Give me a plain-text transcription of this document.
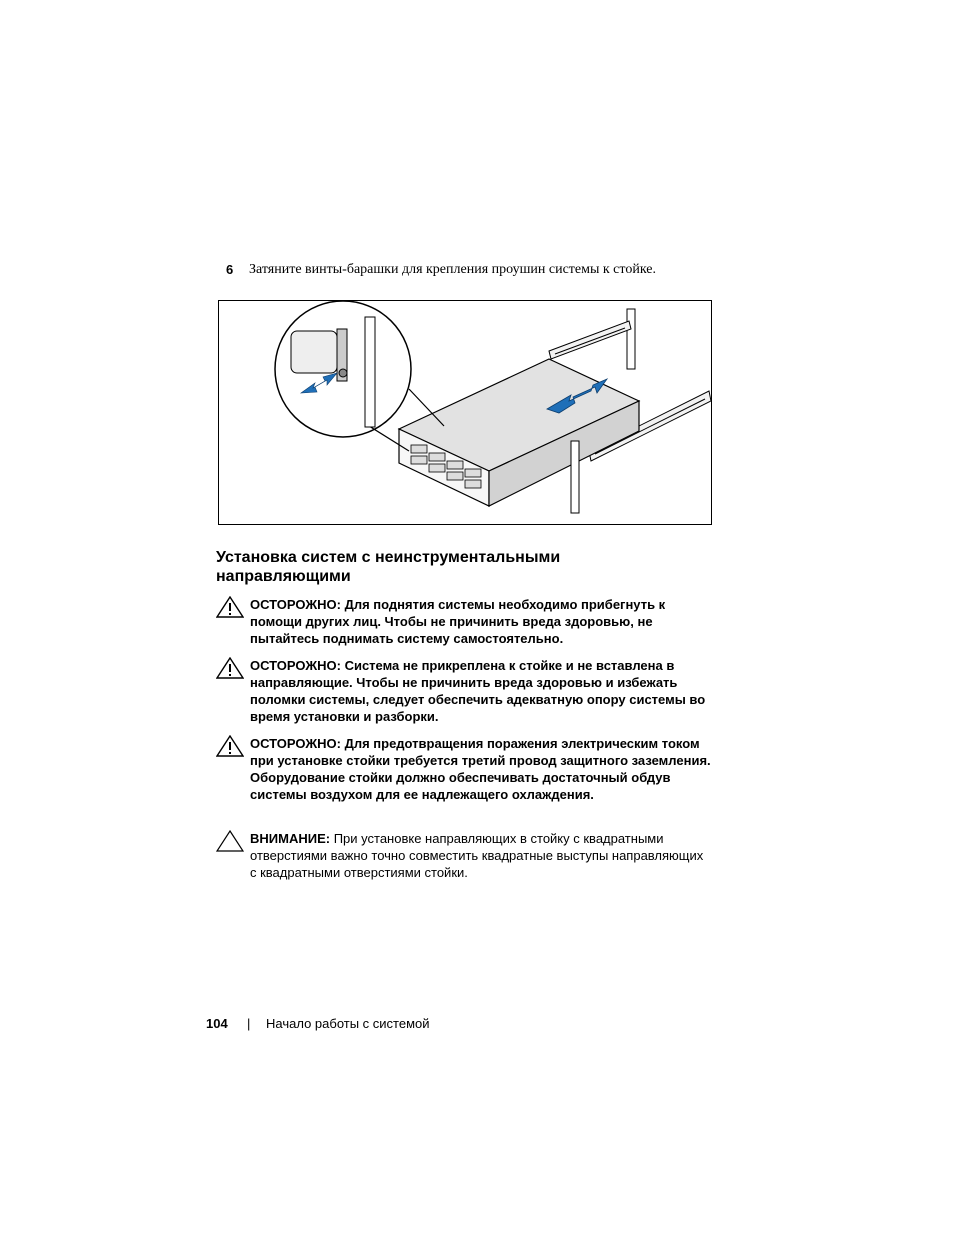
6 Затяните винты-барашки для крепления проушин системы к стойке.
Установка систем с неинструментальными направляющими
ОСТОРОЖНО: Для поднятия системы необходимо прибегнуть к помощи других лиц. Чтобы не причинить вреда здоровью, не пытайтесь поднимать систему самостоятельно.
ОСТОРОЖНО: Система не прикреплена к стойке и не вставлена в направляющие. Чтобы не причинить вреда здоровью и избежать поломки системы, следует обеспечить адекватную опору системы во время установки и разборки.
ОСТОРОЖНО: Для предотвращения поражения электрическим током при установке стойки требуется третий провод защитного заземления. Оборудование стойки должно обеспечивать достаточный обдув системы воздухом для ее надлежащего охлаждения.
ВНИМАНИЕ: При установке направляющих в стойку с квадратными отверстиями важно точно совместить квадратные выступы направляющих с квадратными отверстиями стойки.
104 | Начало работы с системой
